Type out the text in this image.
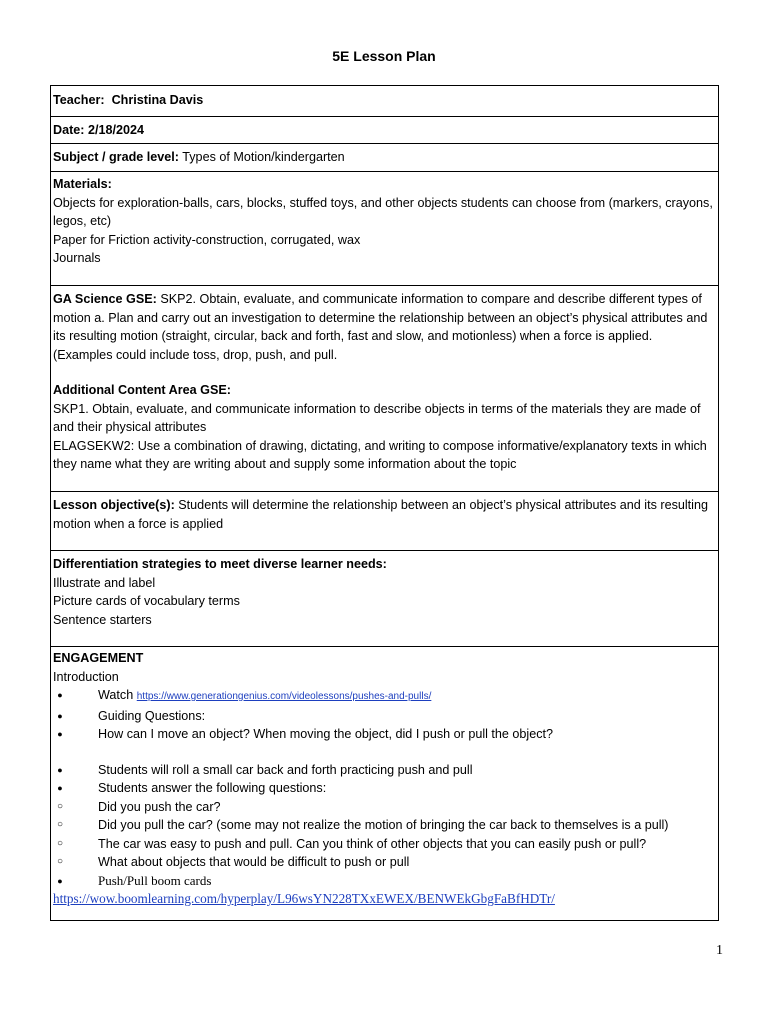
5E Lesson Plan
Teacher: Christina Davis
Date: 2/18/2024
Subject / grade level: Types of Motion/kindergarten
Materials:
Objects for exploration-balls, cars, blocks, stuffed toys, and other objects students can choose from (markers, crayons, legos, etc)
Paper for Friction activity-construction, corrugated, wax
Journals
GA Science GSE: SKP2. Obtain, evaluate, and communicate information to compare and describe different types of motion a. Plan and carry out an investigation to determine the relationship between an object’s physical attributes and its resulting motion (straight, circular, back and forth, fast and slow, and motionless) when a force is applied. (Examples could include toss, drop, push, and pull.
Additional Content Area GSE:
SKP1. Obtain, evaluate, and communicate information to describe objects in terms of the materials they are made of and their physical attributes
ELAGSEKW2: Use a combination of drawing, dictating, and writing to compose informative/explanatory texts in which they name what they are writing about and supply some information about the topic
Lesson objective(s): Students will determine the relationship between an object’s physical attributes and its resulting motion when a force is applied
Differentiation strategies to meet diverse learner needs:
Illustrate and label
Picture cards of vocabulary terms
Sentence starters
ENGAGEMENT
Introduction
●	Watch https://www.generationgenius.com/videolessons/pushes-and-pulls/
●	Guiding Questions:
●	How can I move an object? When moving the object, did I push or pull the object?
●	Students will roll a small car back and forth practicing push and pull
●	Students answer the following questions:
○	Did you push the car?
○	Did you pull the car? (some may not realize the motion of bringing the car back to themselves is a pull)
○	The car was easy to push and pull. Can you think of other objects that you can easily push or pull?
○	What about objects that would be difficult to push or pull
●	Push/Pull boom cards
https://wow.boomlearning.com/hyperplay/L96wsYN228TXxEWEX/BENWEkGbgFaBfHDTr/
1
